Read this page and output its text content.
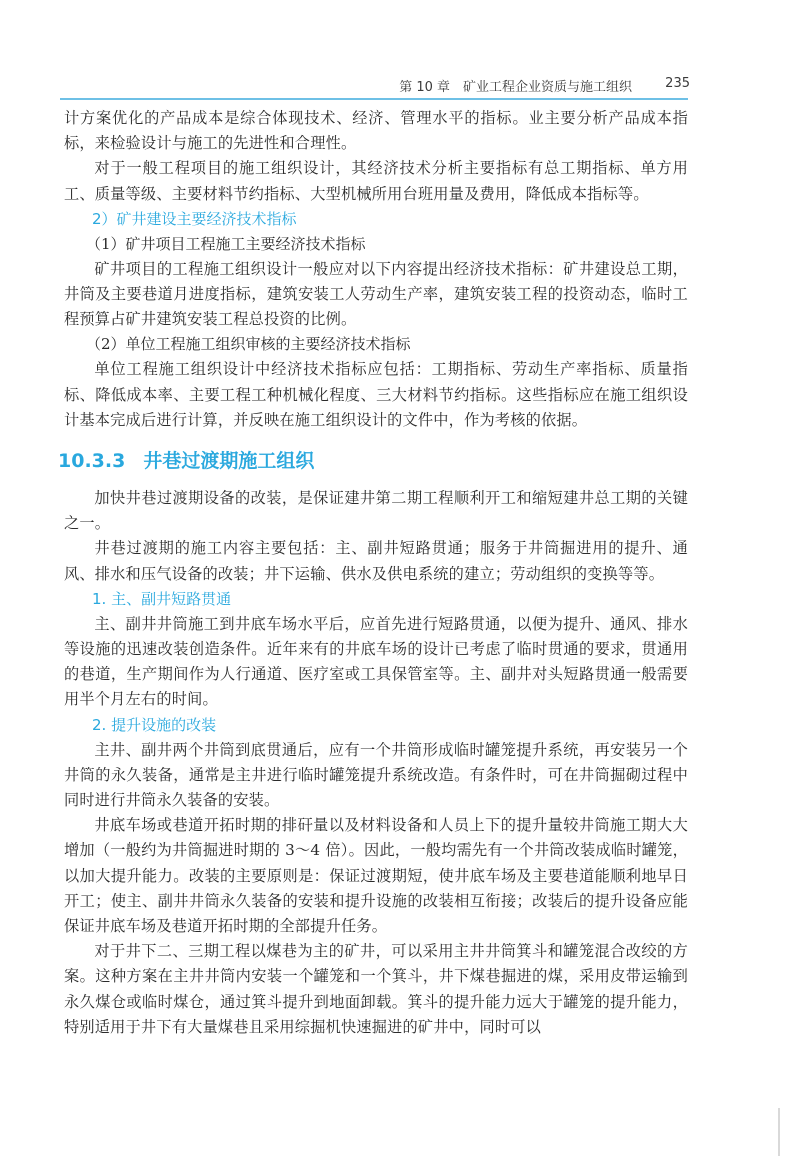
第 10 章　矿业工程企业资质与施工组织	235

计方案优化的产品成本是综合体现技术、经济、管理水平的指标。业主要分析产品成本指标，来检验设计与施工的先进性和合理性。

对于一般工程项目的施工组织设计，其经济技术分析主要指标有总工期指标、单方用工、质量等级、主要材料节约指标、大型机械所用台班用量及费用，降低成本指标等。

2）矿井建设主要经济技术指标

（1）矿井项目工程施工主要经济技术指标

矿井项目的工程施工组织设计一般应对以下内容提出经济技术指标：矿井建设总工期，井筒及主要巷道月进度指标，建筑安装工人劳动生产率，建筑安装工程的投资动态，临时工程预算占矿井建筑安装工程总投资的比例。

（2）单位工程施工组织审核的主要经济技术指标

单位工程施工组织设计中经济技术指标应包括：工期指标、劳动生产率指标、质量指标、降低成本率、主要工程工种机械化程度、三大材料节约指标。这些指标应在施工组织设计基本完成后进行计算，并反映在施工组织设计的文件中，作为考核的依据。

10.3.3 井巷过渡期施工组织

加快井巷过渡期设备的改装，是保证建井第二期工程顺利开工和缩短建井总工期的关键之一。

井巷过渡期的施工内容主要包括：主、副井短路贯通；服务于井筒掘进用的提升、通风、排水和压气设备的改装；井下运输、供水及供电系统的建立；劳动组织的变换等等。

1. 主、副井短路贯通

主、副井井筒施工到井底车场水平后，应首先进行短路贯通，以便为提升、通风、排水等设施的迅速改装创造条件。近年来有的井底车场的设计已考虑了临时贯通的要求，贯通用的巷道，生产期间作为人行通道、医疗室或工具保管室等。主、副井对头短路贯通一般需要用半个月左右的时间。

2. 提升设施的改装

主井、副井两个井筒到底贯通后，应有一个井筒形成临时罐笼提升系统，再安装另一个井筒的永久装备，通常是主井进行临时罐笼提升系统改造。有条件时，可在井筒掘砌过程中同时进行井筒永久装备的安装。

井底车场或巷道开拓时期的排矸量以及材料设备和人员上下的提升量较井筒施工期大大增加（一般约为井筒掘进时期的 3～4 倍）。因此，一般均需先有一个井筒改装成临时罐笼，以加大提升能力。改装的主要原则是：保证过渡期短，使井底车场及主要巷道能顺利地早日开工；使主、副井井筒永久装备的安装和提升设施的改装相互衔接；改装后的提升设备应能保证井底车场及巷道开拓时期的全部提升任务。

对于井下二、三期工程以煤巷为主的矿井，可以采用主井井筒箕斗和罐笼混合改绞的方案。这种方案在主井井筒内安装一个罐笼和一个箕斗，井下煤巷掘进的煤，采用皮带运输到永久煤仓或临时煤仓，通过箕斗提升到地面卸载。箕斗的提升能力远大于罐笼的提升能力，特别适用于井下有大量煤巷且采用综掘机快速掘进的矿井中，同时可以
